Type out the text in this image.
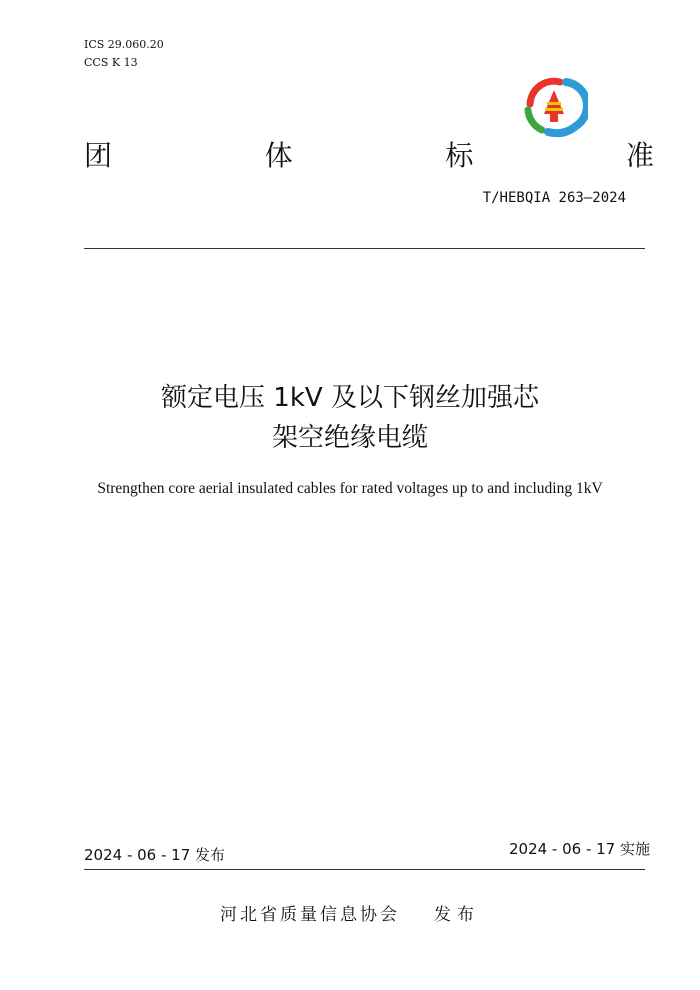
ICS 29.060.20
CCS K 13
团	体	标	准
T/HEBQIA 263—2024
额定电压 1kV 及以下钢丝加强芯
架空绝缘电缆
Strengthen core aerial insulated cables for rated voltages up to and including 1kV
2024 - 06 - 17 发布	2024 - 06 - 17 实施
河北省质量信息协会 发布
